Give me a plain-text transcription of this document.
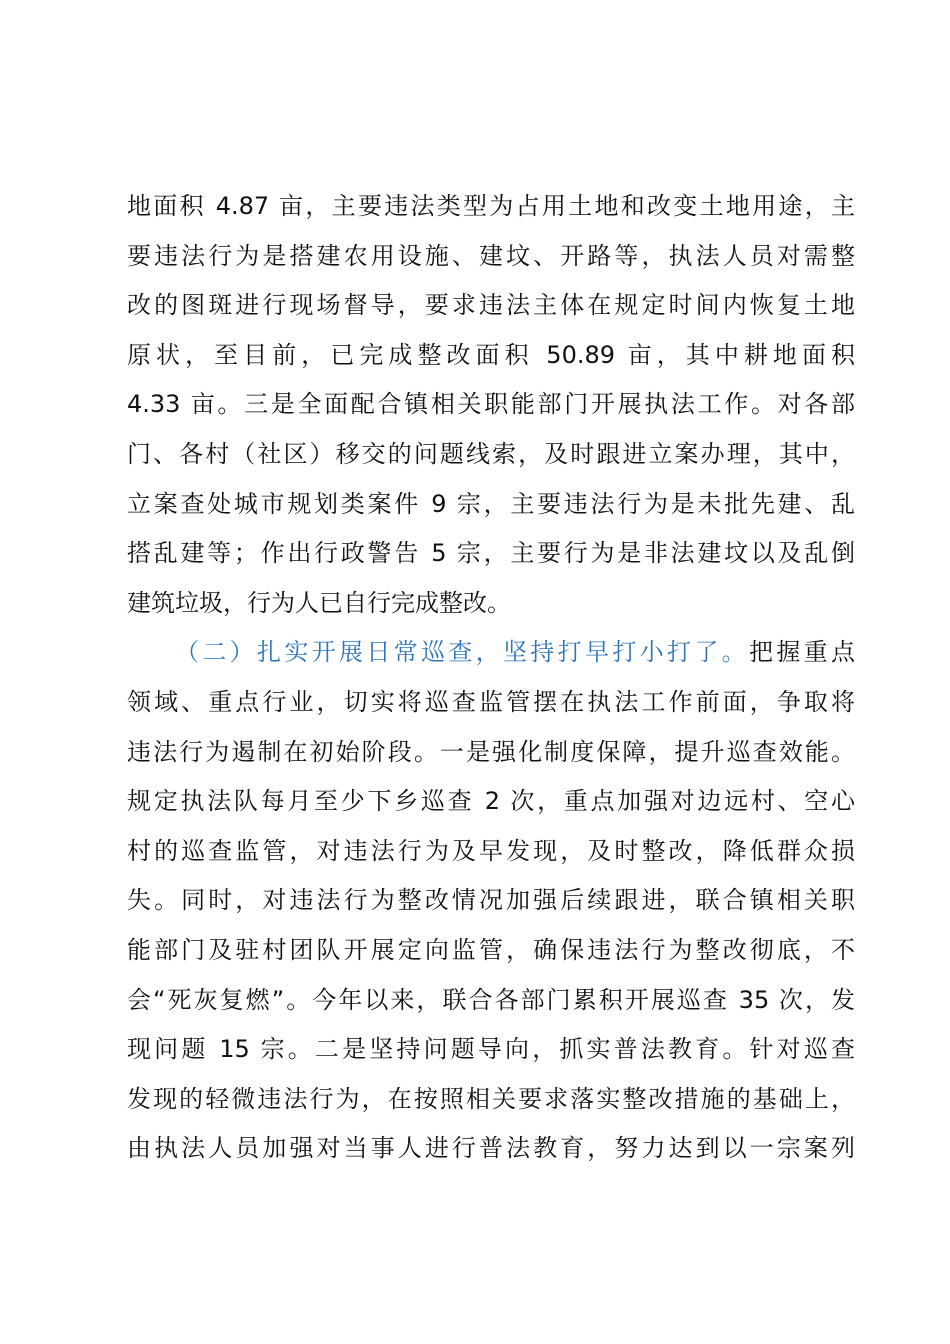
地面积 4.87 亩，主要违法类型为占用土地和改变土地用途，主
要违法行为是搭建农用设施、建坟、开路等，执法人员对需整
改的图斑进行现场督导，要求违法主体在规定时间内恢复土地
原状，至目前，已完成整改面积 50.89 亩，其中耕地面积
4.33 亩。三是全面配合镇相关职能部门开展执法工作。对各部
门、各村（社区）移交的问题线索，及时跟进立案办理，其中，
立案查处城市规划类案件 9 宗，主要违法行为是未批先建、乱
搭乱建等；作出行政警告 5 宗，主要行为是非法建坟以及乱倒
建筑垃圾，行为人已自行完成整改。
（二）扎实开展日常巡查，坚持打早打小打了。把握重点
领域、重点行业，切实将巡查监管摆在执法工作前面，争取将
违法行为遏制在初始阶段。一是强化制度保障，提升巡查效能。
规定执法队每月至少下乡巡查 2 次，重点加强对边远村、空心
村的巡查监管，对违法行为及早发现，及时整改，降低群众损
失。同时，对违法行为整改情况加强后续跟进，联合镇相关职
能部门及驻村团队开展定向监管，确保违法行为整改彻底，不
会“死灰复燃”。今年以来，联合各部门累积开展巡查 35 次，发
现问题 15 宗。二是坚持问题导向，抓实普法教育。针对巡查
发现的轻微违法行为，在按照相关要求落实整改措施的基础上，
由执法人员加强对当事人进行普法教育，努力达到以一宗案列
